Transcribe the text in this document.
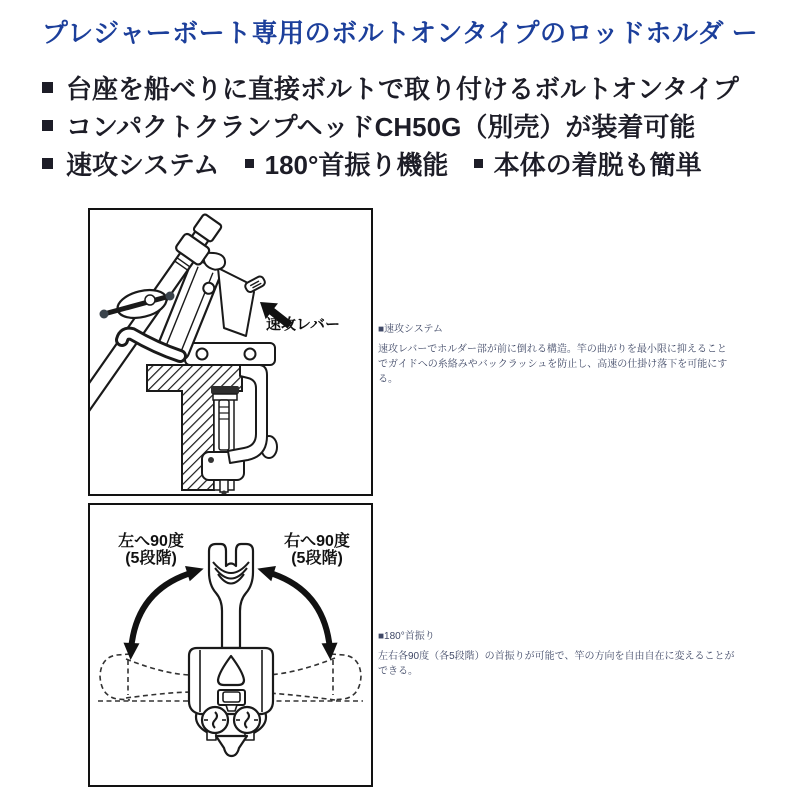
プレジャーボート専用のボルトオンタイプのロッドホルダ ー
台座を船べりに直接ボルトで取り付けるボルトオンタイプ
コンパクトクランプヘッドCH50G（別売）が装着可能
速攻システム 180°首振り機能 本体の着脱も簡単
速攻レバー	■速攻システム
速攻レバーでホルダー部が前に倒れる構造。竿の曲がりを最小限に抑えること
でガイドへの糸絡みやバックラッシュを防止し、高速の仕掛け落下を可能にす
る。
左へ90度
(5段階)
右へ90度
(5段階)
■180°首振り
左右各90度（各5段階）の首振りが可能で、竿の方向を自由自在に変えることが
できる。
